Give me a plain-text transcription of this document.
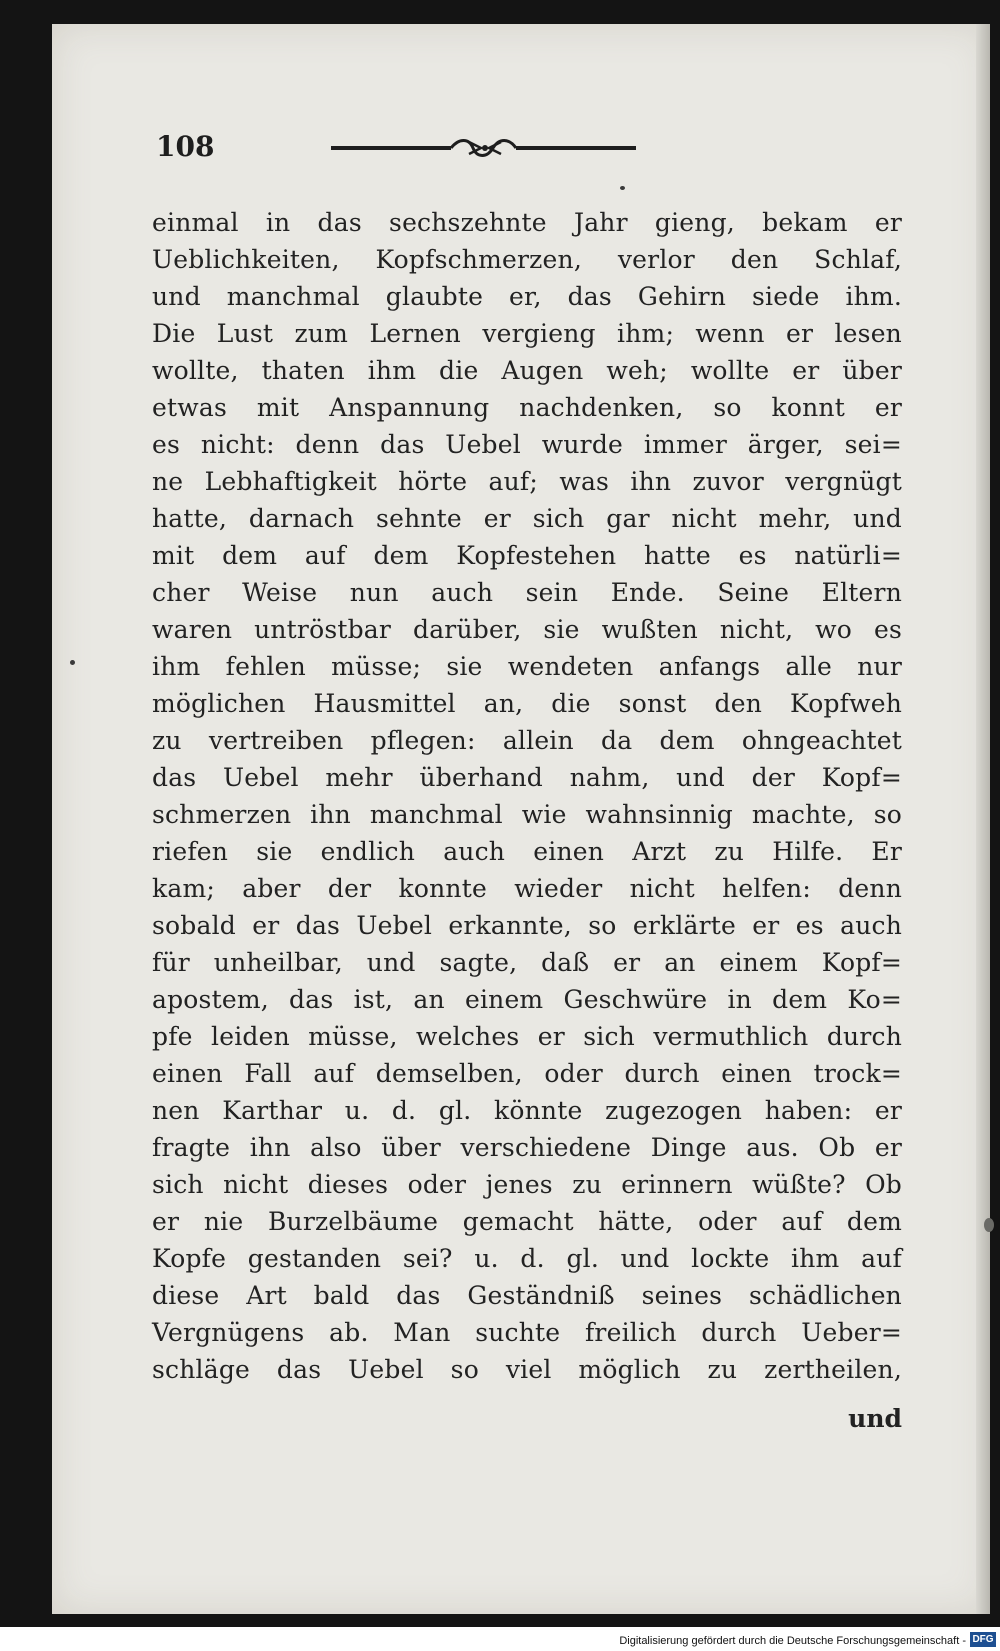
108
einmal in das sechszehnte Jahr gieng, bekam er
Ueblichkeiten, Kopfschmerzen, verlor den Schlaf,
und manchmal glaubte er, das Gehirn siede ihm.
Die Lust zum Lernen vergieng ihm; wenn er lesen
wollte, thaten ihm die Augen weh; wollte er über
etwas mit Anspannung nachdenken, so konnt er
es nicht: denn das Uebel wurde immer ärger, sei=
ne Lebhaftigkeit hörte auf; was ihn zuvor vergnügt
hatte, darnach sehnte er sich gar nicht mehr, und
mit dem auf dem Kopfestehen hatte es natürli=
cher Weise nun auch sein Ende. Seine Eltern
waren untröstbar darüber, sie wußten nicht, wo es
ihm fehlen müsse; sie wendeten anfangs alle nur
möglichen Hausmittel an, die sonst den Kopfweh
zu vertreiben pflegen: allein da dem ohngeachtet
das Uebel mehr überhand nahm, und der Kopf=
schmerzen ihn manchmal wie wahnsinnig machte, so
riefen sie endlich auch einen Arzt zu Hilfe. Er
kam; aber der konnte wieder nicht helfen: denn
sobald er das Uebel erkannte, so erklärte er es auch
für unheilbar, und sagte, daß er an einem Kopf=
apostem, das ist, an einem Geschwüre in dem Ko=
pfe leiden müsse, welches er sich vermuthlich durch
einen Fall auf demselben, oder durch einen trock=
nen Karthar u. d. gl. könnte zugezogen haben: er
fragte ihn also über verschiedene Dinge aus. Ob er
sich nicht dieses oder jenes zu erinnern wüßte? Ob
er nie Burzelbäume gemacht hätte, oder auf dem
Kopfe gestanden sei? u. d. gl. und lockte ihm auf
diese Art bald das Geständniß seines schädlichen
Vergnügens ab. Man suchte freilich durch Ueber=
schläge das Uebel so viel möglich zu zertheilen,
und
Digitalisierung gefördert durch die Deutsche Forschungsgemeinschaft - DFG
